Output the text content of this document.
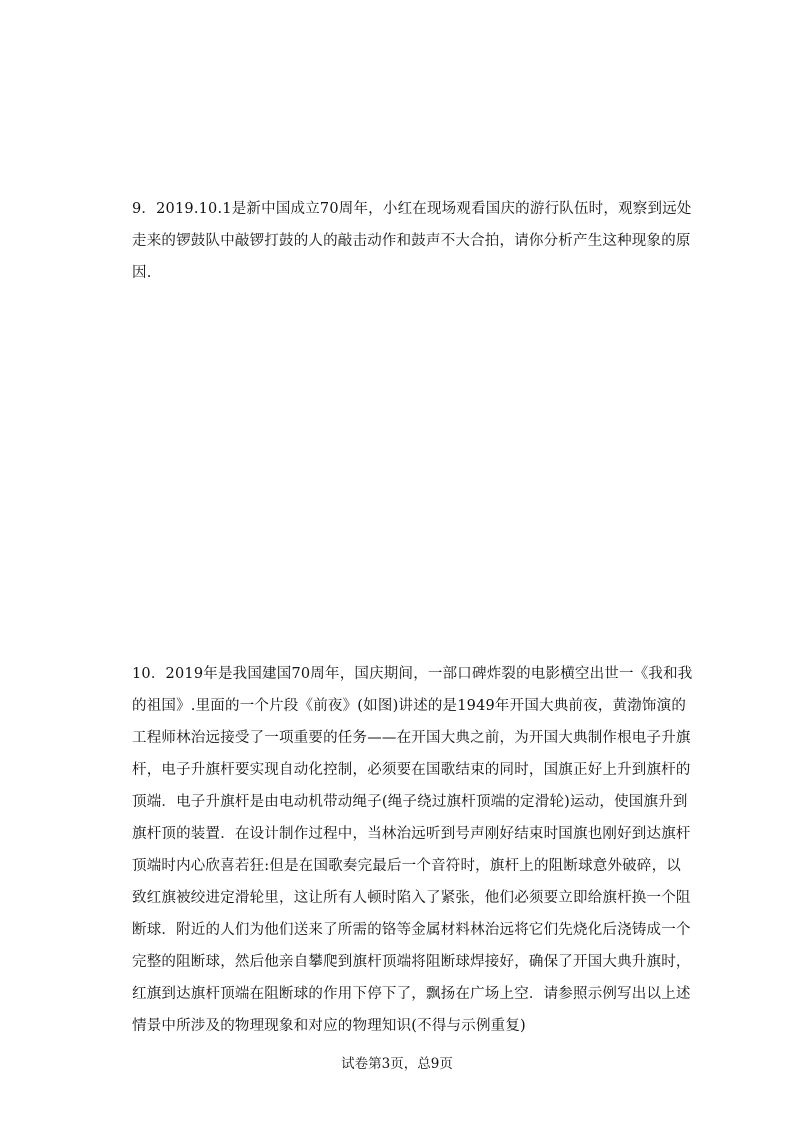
9．2019.10.1是新中国成立70周年，小红在现场观看国庆的游行队伍时，观察到远处
走来的锣鼓队中敲锣打鼓的人的敲击动作和鼓声不大合拍，请你分析产生这种现象的原
因.
10．2019年是我国建国70周年，国庆期间，一部口碑炸裂的电影横空出世一《我和我
的祖国》.里面的一个片段《前夜》(如图)讲述的是1949年开国大典前夜，黄渤饰演的
工程师林治远接受了一项重要的任务——在开国大典之前，为开国大典制作根电子升旗
杆，电子升旗杆要实现自动化控制，必须要在国歌结束的同时，国旗正好上升到旗杆的
顶端．电子升旗杆是由电动机带动绳子(绳子绕过旗杆顶端的定滑轮)运动，使国旗升到
旗杆顶的装置．在设计制作过程中，当林治远听到号声刚好结束时国旗也刚好到达旗杆
顶端时内心欣喜若狂:但是在国歌奏完最后一个音符时，旗杆上的阻断球意外破碎，以
致红旗被绞进定滑轮里，这让所有人顿时陷入了紧张，他们必须要立即给旗杆换一个阻
断球．附近的人们为他们送来了所需的铬等金属材料林治远将它们先烧化后浇铸成一个
完整的阻断球，然后他亲自攀爬到旗杆顶端将阻断球焊接好，确保了开国大典升旗时，
红旗到达旗杆顶端在阻断球的作用下停下了，飘扬在广场上空．请参照示例写出以上述
情景中所涉及的物理现象和对应的物理知识(不得与示例重复)
试卷第3页，总9页
